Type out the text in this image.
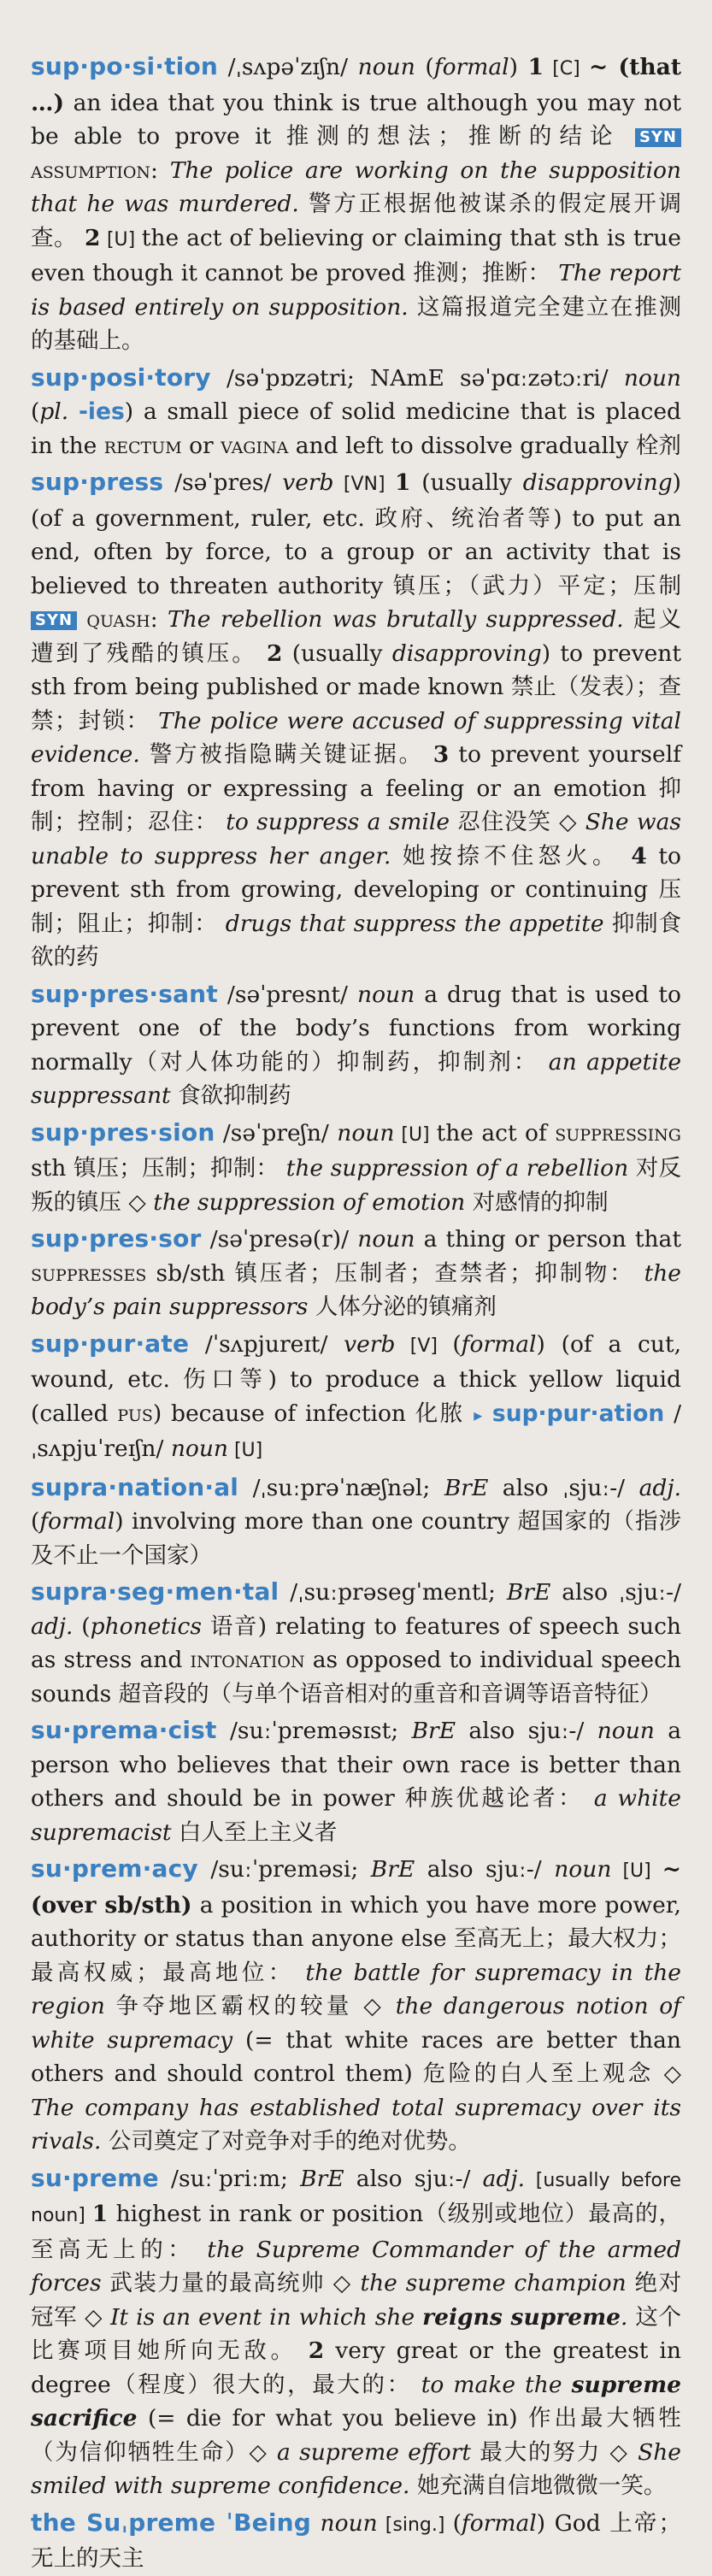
sup·po·si·tion /ˌsʌpəˈzɪʃn/ noun (formal) 1 [C] ~ (that …) an idea that you think is true although you may not be able to prove it 推测的想法；推断的结论 SYN assumption: The police are working on the supposition that he was murdered. 警方正根据他被谋杀的假定展开调查。 2 [U] the act of believing or claiming that sth is true even though it cannot be proved 推测；推断： The report is based entirely on supposition. 这篇报道完全建立在推测的基础上。
sup·posi·tory /səˈpɒzətri; NAmE səˈpɑːzətɔːri/ noun (pl. -ies) a small piece of solid medicine that is placed in the rectum or vagina and left to dissolve gradually 栓剂
sup·press /səˈpres/ verb [VN] 1 (usually disapproving) (of a government, ruler, etc. 政府、统治者等) to put an end, often by force, to a group or an activity that is believed to threaten authority 镇压；（武力）平定；压制 SYN quash: The rebellion was brutally suppressed. 起义遭到了残酷的镇压。 2 (usually disapproving) to prevent sth from being published or made known 禁止（发表）；查禁；封锁： The police were accused of suppressing vital evidence. 警方被指隐瞒关键证据。 3 to prevent yourself from having or expressing a feeling or an emotion 抑制；控制；忍住： to suppress a smile 忍住没笑 ◇ She was unable to suppress her anger. 她按捺不住怒火。 4 to prevent sth from growing, developing or continuing 压制；阻止；抑制： drugs that suppress the appetite 抑制食欲的药
sup·pres·sant /səˈpresnt/ noun a drug that is used to prevent one of the body’s functions from working normally（对人体功能的）抑制药，抑制剂： an appetite suppressant 食欲抑制药
sup·pres·sion /səˈpreʃn/ noun [U] the act of suppressing sth 镇压；压制；抑制： the suppression of a rebellion 对反叛的镇压 ◇ the suppression of emotion 对感情的抑制
sup·pres·sor /səˈpresə(r)/ noun a thing or person that suppresses sb/sth 镇压者；压制者；查禁者；抑制物： the body’s pain suppressors 人体分泌的镇痛剂
sup·pur·ate /ˈsʌpjureɪt/ verb [V] (formal) (of a cut, wound, etc. 伤口等) to produce a thick yellow liquid (called pus) because of infection 化脓 ▸ sup·pur·ation /ˌsʌpjuˈreɪʃn/ noun [U]
supra·nation·al /ˌsuːprəˈnæʃnəl; BrE also ˌsjuː-/ adj. (formal) involving more than one country 超国家的（指涉及不止一个国家）
supra·seg·men·tal /ˌsuːprəsegˈmentl; BrE also ˌsjuː-/ adj. (phonetics 语音) relating to features of speech such as stress and intonation as opposed to individual speech sounds 超音段的（与单个语音相对的重音和音调等语音特征）
su·prema·cist /suːˈpreməsɪst; BrE also sjuː-/ noun a person who believes that their own race is better than others and should be in power 种族优越论者： a white supremacist 白人至上主义者
su·prem·acy /suːˈpreməsi; BrE also sjuː-/ noun [U] ~ (over sb/sth) a position in which you have more power, authority or status than anyone else 至高无上；最大权力；最高权威；最高地位： the battle for supremacy in the region 争夺地区霸权的较量 ◇ the dangerous notion of white supremacy (= that white races are better than others and should control them) 危险的白人至上观念 ◇ The company has established total supremacy over its rivals. 公司奠定了对竞争对手的绝对优势。
su·preme /suːˈpriːm; BrE also sjuː-/ adj. [usually before noun] 1 highest in rank or position（级别或地位）最高的，至高无上的： the Supreme Commander of the armed forces 武装力量的最高统帅 ◇ the supreme champion 绝对冠军 ◇ It is an event in which she reigns supreme. 这个比赛项目她所向无敌。 2 very great or the greatest in degree（程度）很大的，最大的： to make the supreme sacrifice (= die for what you believe in) 作出最大牺牲（为信仰牺牲生命）◇ a supreme effort 最大的努力 ◇ She smiled with supreme confidence. 她充满自信地微微一笑。
the Suˌpreme ˈBeing noun [sing.] (formal) God 上帝；无上的天主
